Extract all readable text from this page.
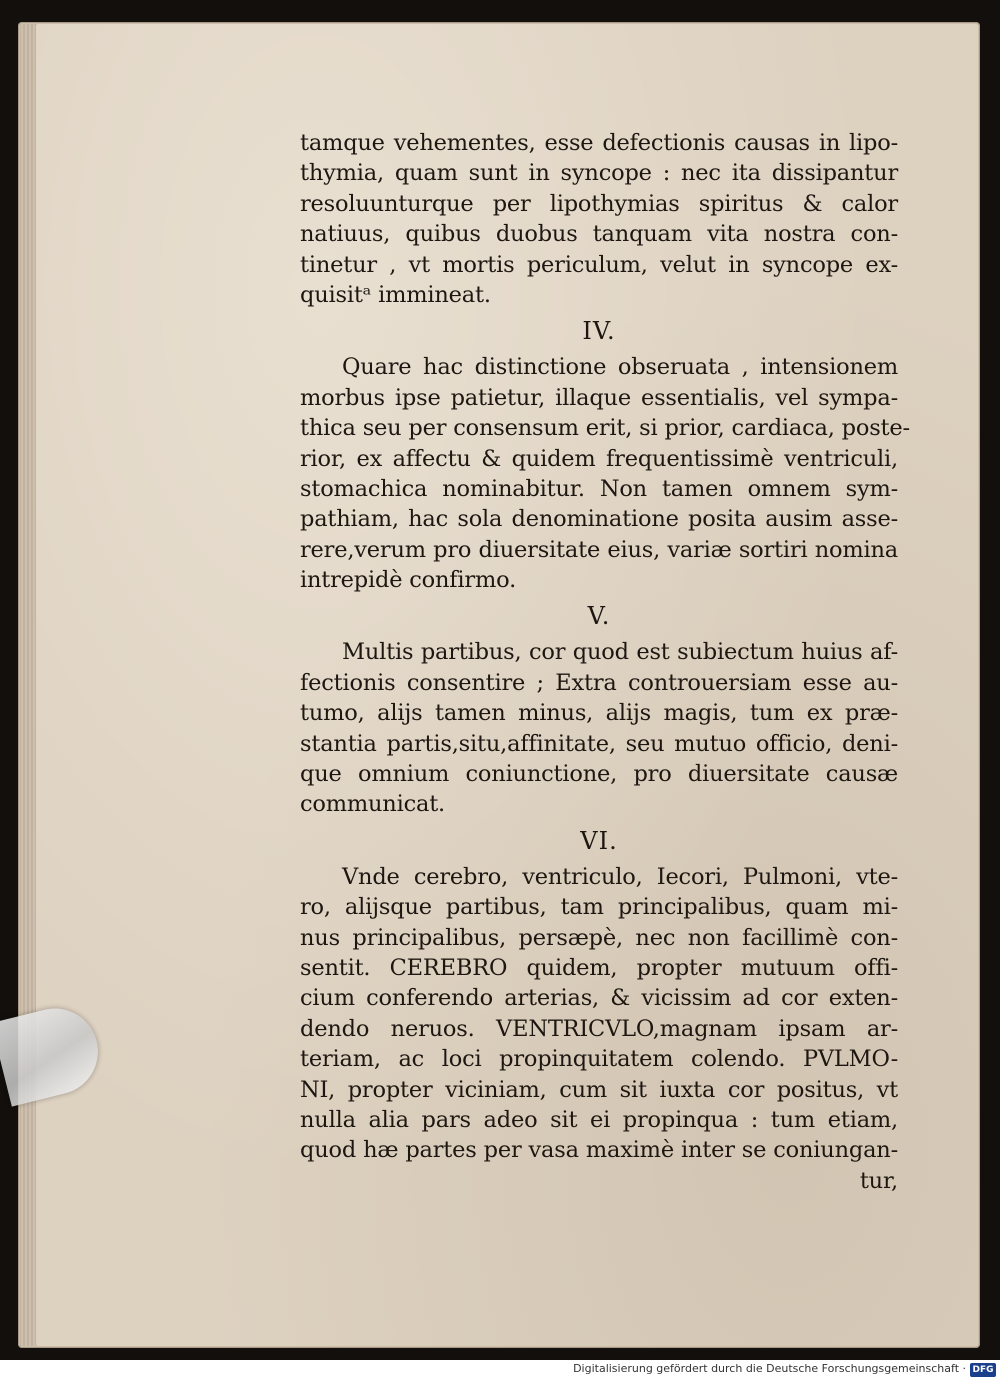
tamque vehementes, esse defectionis causas in lipo-
thymia, quam sunt in syncope : nec ita dissipantur
resoluunturque per lipothymias spiritus & calor
natiuus, quibus duobus tanquam vita nostra con-
tinetur , vt mortis periculum, velut in syncope ex-
quisitᵃ immineat.
IV.
Quare hac distinctione obseruata , intensionem
morbus ipse patietur, illaque essentialis, vel sympa-
thica seu per consensum erit, si prior, cardiaca, poste-
rior, ex affectu & quidem frequentissimè ventriculi,
stomachica nominabitur. Non tamen omnem sym-
pathiam, hac sola denominatione posita ausim asse-
rere,verum pro diuersitate eius, variæ sortiri nomina
intrepidè confirmo.
V.
Multis partibus, cor quod est subiectum huius af-
fectionis consentire ; Extra controuersiam esse au-
tumo, alijs tamen minus, alijs magis, tum ex præ-
stantia partis,situ,affinitate, seu mutuo officio, deni-
que omnium coniunctione, pro diuersitate causæ
communicat.
VI.
Vnde cerebro, ventriculo, Iecori, Pulmoni, vte-
ro, alijsque partibus, tam principalibus, quam mi-
nus principalibus, persæpè, nec non facillimè con-
sentit. CEREBRO quidem, propter mutuum offi-
cium conferendo arterias, & vicissim ad cor exten-
dendo neruos. VENTRICVLO,magnam ipsam ar-
teriam, ac loci propinquitatem colendo. PVLMO-
NI, propter viciniam, cum sit iuxta cor positus, vt
nulla alia pars adeo sit ei propinqua : tum etiam,
quod hæ partes per vasa maximè inter se coniungan-
tur,
Digitalisierung gefördert durch die Deutsche Forschungsgemeinschaft · DFG
